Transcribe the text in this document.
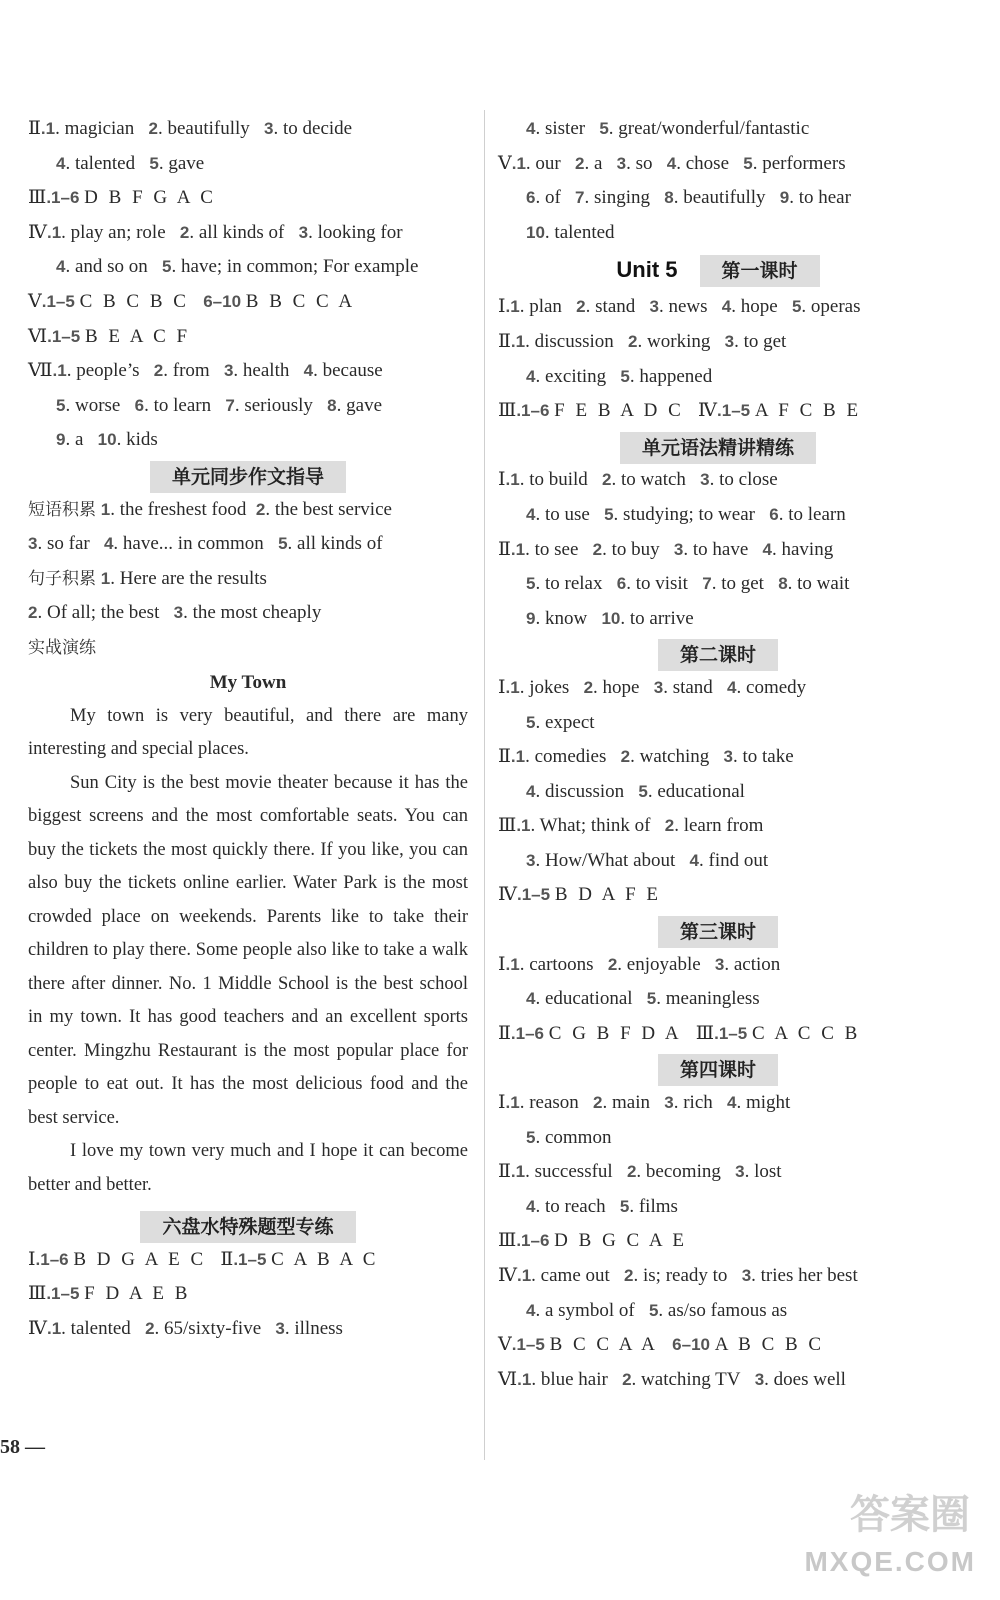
Ⅱ.1. magician 2. beautifully 3. to decide
4. talented 5. gave
Ⅲ.1–6 D B F G A C
Ⅳ.1. play an; role 2. all kinds of 3. looking for
4. and so on 5. have; in common; For example
Ⅴ.1–5 C B C B C 6–10 B B C C A
Ⅵ.1–5 B E A C F
Ⅶ.1. people’s 2. from 3. health 4. because
5. worse 6. to learn 7. seriously 8. gave
9. a 10. kids
单元同步作文指导
短语积累 1. the freshest food 2. the best service
3. so far 4. have... in common 5. all kinds of
句子积累 1. Here are the results
2. Of all; the best 3. the most cheaply
实战演练
My Town

My town is very beautiful, and there are many interesting and special places.

Sun City is the best movie theater because it has the biggest screens and the most comfortable seats. You can buy the tickets the most quickly there. If you like, you can also buy the tickets online earlier. Water Park is the most crowded place on weekends. Parents like to take their children to play there. Some people also like to take a walk there after dinner. No. 1 Middle School is the best school in my town. It has good teachers and an excellent sports center. Mingzhu Restaurant is the most popular place for people to eat out. It has the most delicious food and the best service.

I love my town very much and I hope it can become better and better.

六盘水特殊题型专练
Ⅰ.1–6 B D G A E C Ⅱ.1–5 C A B A C
Ⅲ.1–5 F D A E B
Ⅳ.1. talented 2. 65/sixty-five 3. illness
4. sister 5. great/wonderful/fantastic
Ⅴ.1. our 2. a 3. so 4. chose 5. performers
6. of 7. singing 8. beautifully 9. to hear
10. talented
Unit 5 第一课时
Ⅰ.1. plan 2. stand 3. news 4. hope 5. operas
Ⅱ.1. discussion 2. working 3. to get
4. exciting 5. happened
Ⅲ.1–6 F E B A D C Ⅳ.1–5 A F C B E
单元语法精讲精练
Ⅰ.1. to build 2. to watch 3. to close
4. to use 5. studying; to wear 6. to learn
Ⅱ.1. to see 2. to buy 3. to have 4. having
5. to relax 6. to visit 7. to get 8. to wait
9. know 10. to arrive
第二课时
Ⅰ.1. jokes 2. hope 3. stand 4. comedy
5. expect
Ⅱ.1. comedies 2. watching 3. to take
4. discussion 5. educational
Ⅲ.1. What; think of 2. learn from
3. How/What about 4. find out
Ⅳ.1–5 B D A F E
第三课时
Ⅰ.1. cartoons 2. enjoyable 3. action
4. educational 5. meaningless
Ⅱ.1–6 C G B F D A Ⅲ.1–5 C A C C B
第四课时
Ⅰ.1. reason 2. main 3. rich 4. might
5. common
Ⅱ.1. successful 2. becoming 3. lost
4. to reach 5. films
Ⅲ.1–6 D B G C A E
Ⅳ.1. came out 2. is; ready to 3. tries her best
4. a symbol of 5. as/so famous as
Ⅴ.1–5 B C C A A 6–10 A B C B C
Ⅵ.1. blue hair 2. watching TV 3. does well
58 —
答案圈
MXQE.COM
